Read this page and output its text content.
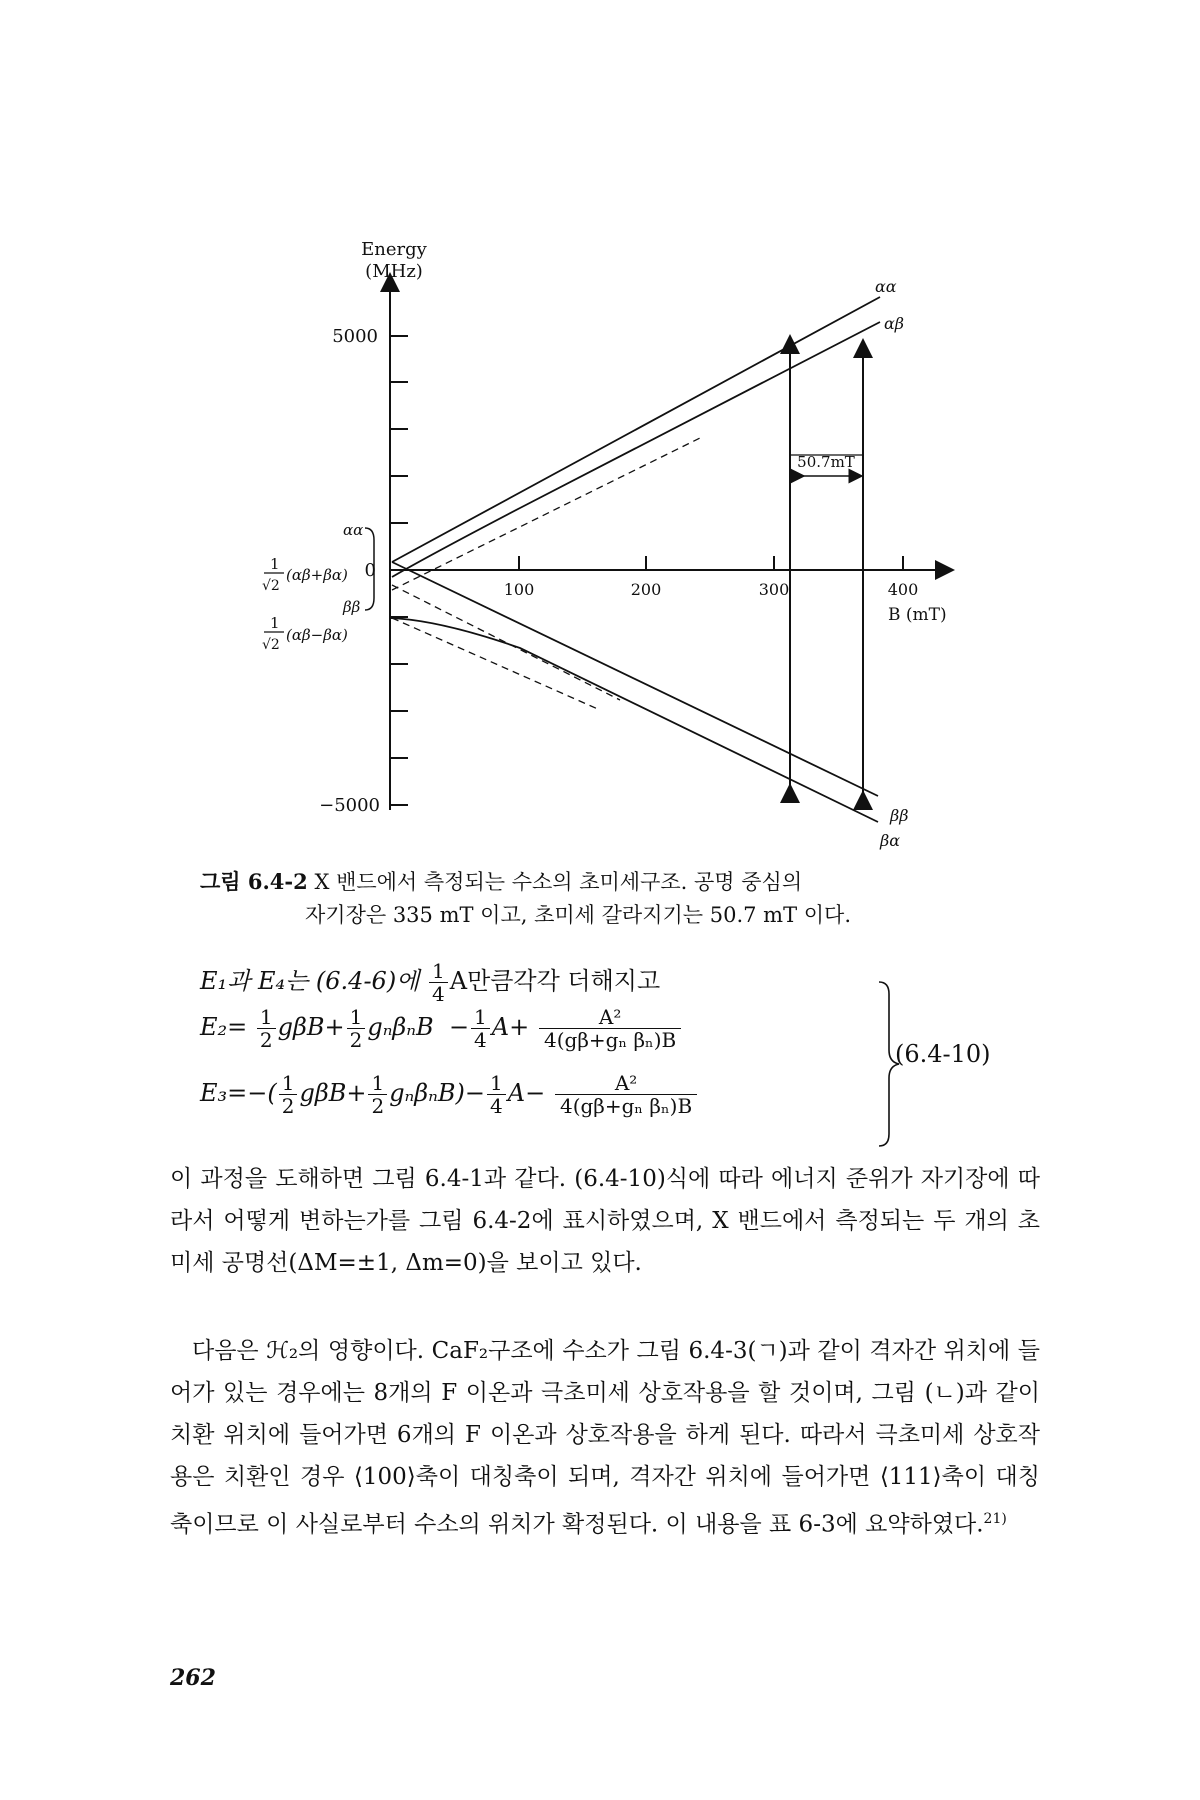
Energy
(MHz)
5000
−5000
0
100	200	300	400
B (mT)
50.7mT
αα
αβ
ββ
βα
αα
1
√2
(αβ+βα)
ββ
1
√2
(αβ−βα)
그림 6.4-2 X 밴드에서 측정되는 수소의 초미세구조. 공명 중심의
자기장은 335 mT 이고, 초미세 갈라지기는 50.7 mT 이다.
E₁과 E₄는 (6.4-6)에 $\frac{1}{4}$ A만큼각각 더해지고
$E_2= \frac{1}{2} g\beta B+ \frac{1}{2}$ $g_n\beta_nB - \frac{1}{4} A+ \frac{\text{A²}}{\text{4(gβ+gₙ βₙ)B}}$
$E_3=-( \frac{1}{2} g\beta B+ \frac{1}{2} g_n\beta_nB)- \frac{1}{4} A- \frac{\text{A²}}{\text{4(gβ+gₙ βₙ)B}}$
(6.4-10)
이 과정을 도해하면 그림 6.4-1과 같다. (6.4-10)식에 따라 에너지 준위가 자기장에 따라서 어떻게 변하는가를 그림 6.4-2에 표시하였으며, X 밴드에서 측정되는 두 개의 초미세 공명선(ΔM=±1, Δm=0)을 보이고 있다.
다음은 ℋ₂의 영향이다. CaF₂구조에 수소가 그림 6.4-3(ㄱ)과 같이 격자간 위치에 들어가 있는 경우에는 8개의 F 이온과 극초미세 상호작용을 할 것이며, 그림 (ㄴ)과 같이 치환 위치에 들어가면 6개의 F 이온과 상호작용을 하게 된다. 따라서 극초미세 상호작용은 치환인 경우 ⟨100⟩축이 대칭축이 되며, 격자간 위치에 들어가면 ⟨111⟩축이 대칭축이므로 이 사실로부터 수소의 위치가 확정된다. 이 내용을 표 6-3에 요약하였다.$^{21)}$
262
